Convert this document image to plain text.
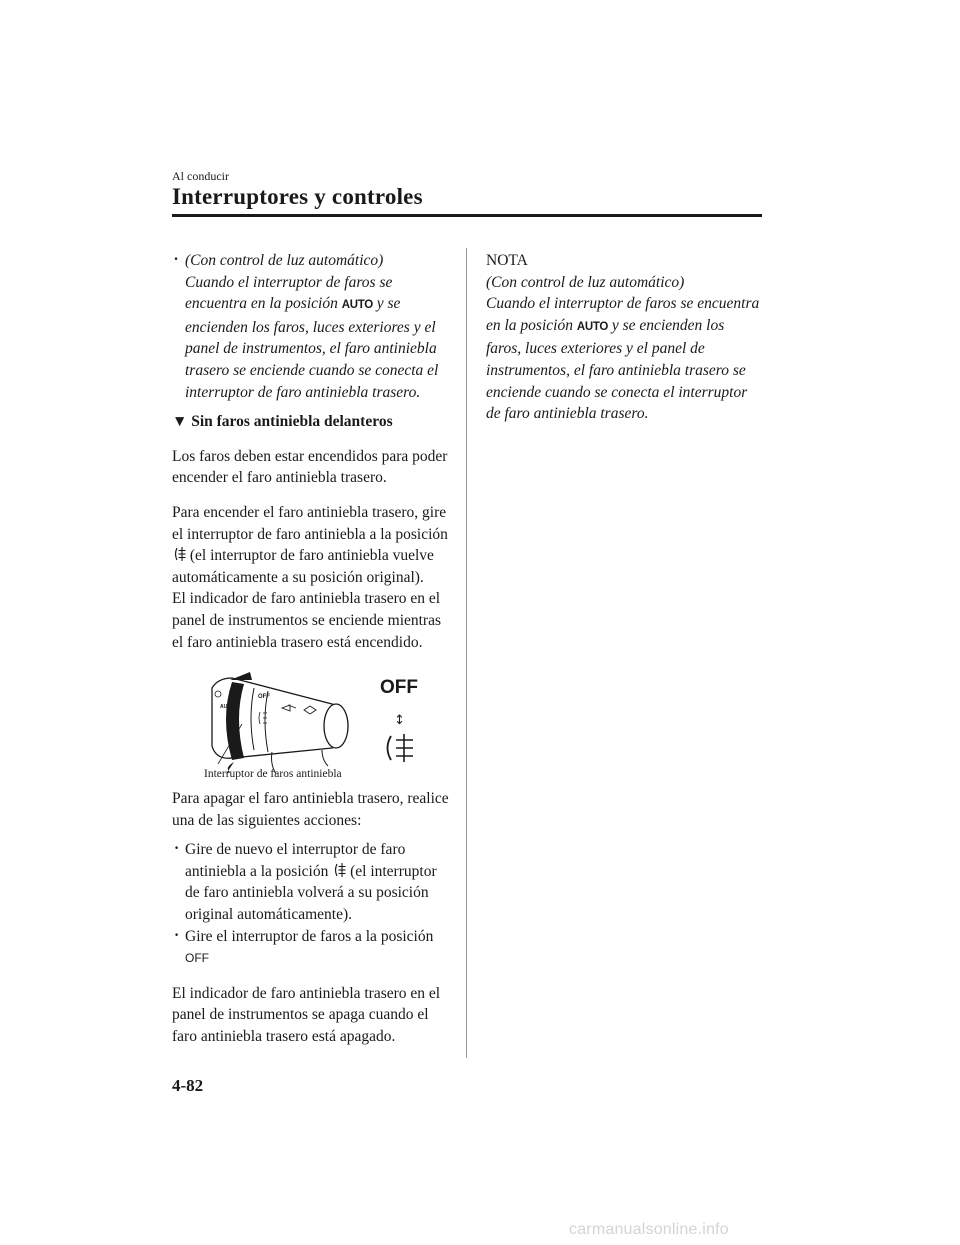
Al conducir
Interruptores y controles
· (Con control de luz automático)
Cuando el interruptor de faros se encuentra en la posición AUTO y se encienden los faros, luces exteriores y el panel de instrumentos, el faro antiniebla trasero se enciende cuando se conecta el interruptor de faro antiniebla trasero.
▼ Sin faros antiniebla delanteros
Los faros deben estar encendidos para poder encender el faro antiniebla trasero.
Para encender el faro antiniebla trasero, gire el interruptor de faro antiniebla a la posición  (el interruptor de faro antiniebla vuelve automáticamente a su posición original).
El indicador de faro antiniebla trasero en el panel de instrumentos se enciende mientras el faro antiniebla trasero está encendido.
OFF
AUTO
OFF
↕
Interruptor de faros antiniebla
Para apagar el faro antiniebla trasero, realice una de las siguientes acciones:
· Gire de nuevo el interruptor de faro antiniebla a la posición (el interruptor de faro antiniebla volverá a su posición original automáticamente).
· Gire el interruptor de faros a la posición OFF
El indicador de faro antiniebla trasero en el panel de instrumentos se apaga cuando el faro antiniebla trasero está apagado.
NOTA
(Con control de luz automático)
Cuando el interruptor de faros se encuentra en la posición AUTO y se encienden los faros, luces exteriores y el panel de instrumentos, el faro antiniebla trasero se enciende cuando se conecta el interruptor de faro antiniebla trasero.
4-82
carmanualsonline.info
